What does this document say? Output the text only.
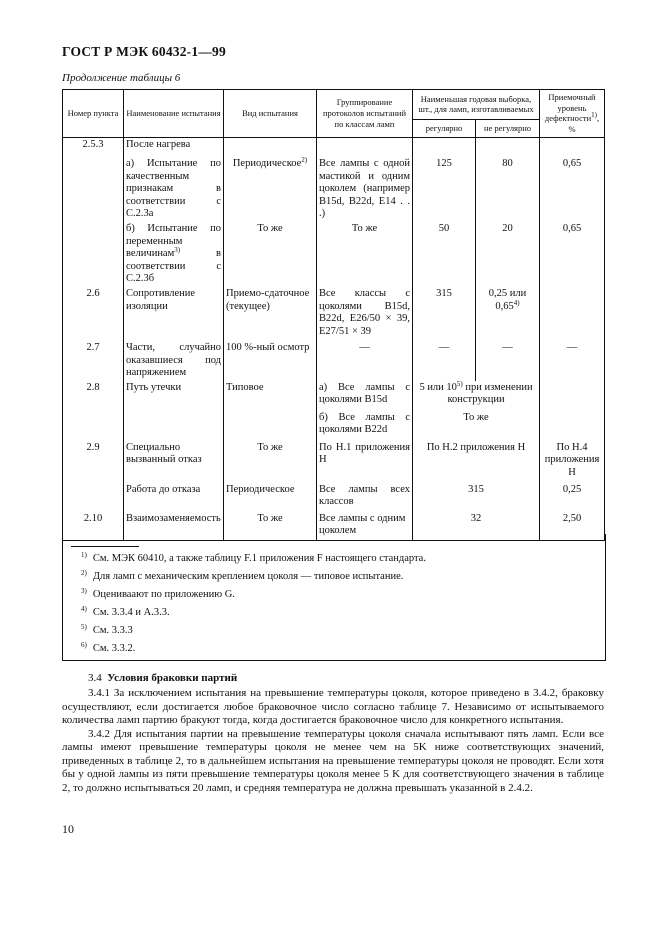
ГОСТ Р МЭК 60432-1—99
Продолжение таблицы 6
Номер пункта	Наименование испытания	Вид испытания	Группирование протоколов испытаний по классам ламп	Наименьшая годовая выборка, шт., для ламп, изготавливаемых		Приемочный уровень дефектности$^{1)}$, %
				регулярно	не регулярно	
2.5.3	После нагрева					
	а) Испытание по качественным признакам в соответствии с С.2.3а	Периодическое$^{2)}$	Все лампы с одной мастикой и одним цоколем (например B15d, B22d, E14 . . .)	125	80	0,65
	б) Испытание по переменным величинам$^{3)}$ в соответствии с С.2.3б	То же	То же	50	20	0,65
2.6	Сопротивление изоляции	Приемо-сдаточное (текущее)	Все классы с цоколями B15d, B22d, E26/50 × 39, E27/51 × 39	315	0,25 или 0,65$^{4)}$	
2.7	Части, случайно оказавшиеся под напряжением	100 %-ный осмотр	—	—	—	—
2.8	Путь утечки	Типовое	а) Все лампы с цоколями B15d	5 или 10$^{5)}$ при изменении конструкции		
			б) Все лампы с цоколями B22d	То же		
2.9	Специально вызванный отказ	То же	По Н.1 приложения Н	По Н.2 приложения Н		По Н.4 приложения Н
	Работа до отказа	Периодическое	Все лампы всех классов	315		0,25
2.10	Взаимозаменяемость	То же	Все лампы с одним цоколем	32		2,50
$^{1)}$ См. МЭК 60410, а также таблицу F.1 приложения F настоящего стандарта.
$^{2)}$ Для ламп с механическим креплением цоколя — типовое испытание.
$^{3)}$ Оцениваают по приложению G.
$^{4)}$ См. 3.3.4 и А.3.3.
$^{5)}$ См. 3.3.3
$^{6)}$ См. 3.3.2.
3.4 Условия браковки партий

3.4.1 За исключением испытания на превышение температуры цоколя, которое приведено в 3.4.2, браковку осуществляют, если достигается любое браковочное число согласно таблице 7. Независимо от испытываемого количества ламп партию бракуют тогда, когда достигается браковочное число для конкретного испытания.

3.4.2 Для испытания партии на превышение температуры цоколя сначала испытывают пять ламп. Если все лампы имеют превышение температуры цоколя не менее чем на 5K ниже соответствующих значений, приведенных в таблице 2, то в дальнейшем испытания на превышение температуры цоколя не проводят. Если хотя бы у одной лампы из пяти превышение температуры цоколя менее 5 K для соответствующего значения в таблице 2, то должно испытываться 20 ламп, и средняя температура не должна превышать указанной в 2.4.2.

10
